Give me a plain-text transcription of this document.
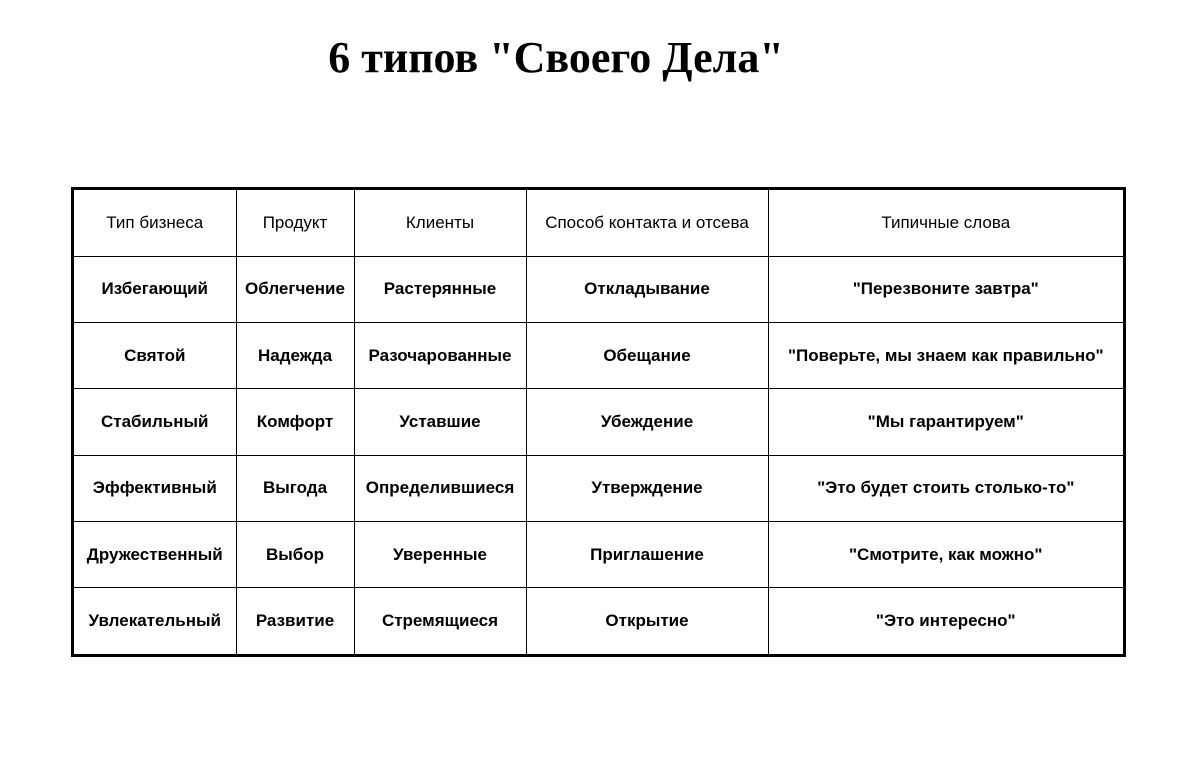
6 типов "Своего Дела"
Тип бизнеса	Продукт	Клиенты	Способ контакта и отсева	Типичные слова
Избегающий	Облегчение	Растерянные	Откладывание	"Перезвоните завтра"
Святой	Надежда	Разочарованные	Обещание	"Поверьте, мы знаем как правильно"
Стабильный	Комфорт	Уставшие	Убеждение	"Мы гарантируем"
Эффективный	Выгода	Определившиеся	Утверждение	"Это будет стоить столько-то"
Дружественный	Выбор	Уверенные	Приглашение	"Смотрите, как можно"
Увлекательный	Развитие	Стремящиеся	Открытие	"Это интересно"
